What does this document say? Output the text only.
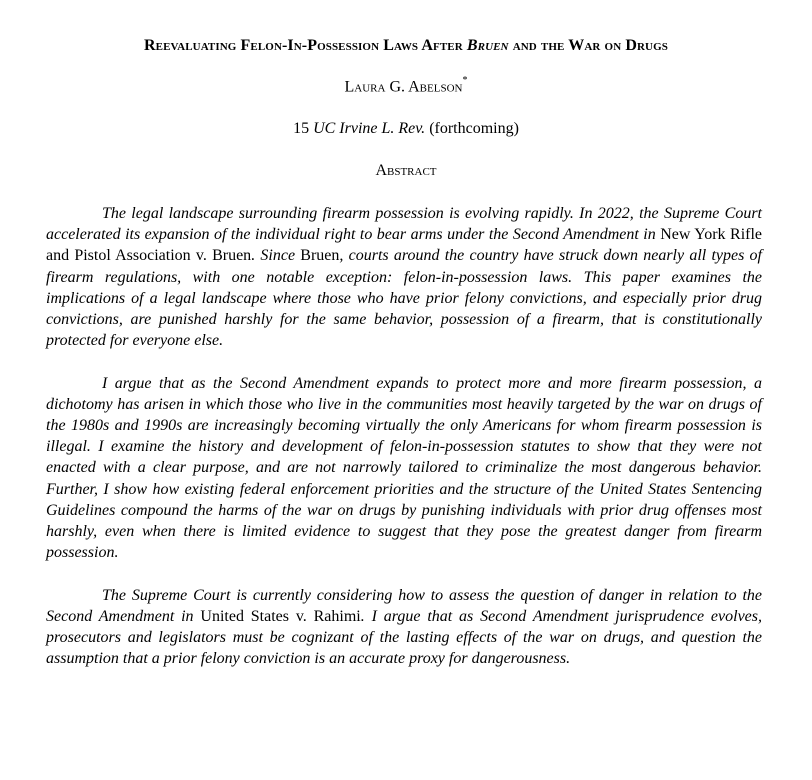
Reevaluating Felon-In-Possession Laws After Bruen and the War on Drugs
Laura G. Abelson*
15 UC Irvine L. Rev. (forthcoming)
Abstract

The legal landscape surrounding firearm possession is evolving rapidly. In 2022, the Supreme Court accelerated its expansion of the individual right to bear arms under the Second Amendment in New York Rifle and Pistol Association v. Bruen. Since Bruen, courts around the country have struck down nearly all types of firearm regulations, with one notable exception: felon-in-possession laws. This paper examines the implications of a legal landscape where those who have prior felony convictions, and especially prior drug convictions, are punished harshly for the same behavior, possession of a firearm, that is constitutionally protected for everyone else.

I argue that as the Second Amendment expands to protect more and more firearm possession, a dichotomy has arisen in which those who live in the communities most heavily targeted by the war on drugs of the 1980s and 1990s are increasingly becoming virtually the only Americans for whom firearm possession is illegal. I examine the history and development of felon-in-possession statutes to show that they were not enacted with a clear purpose, and are not narrowly tailored to criminalize the most dangerous behavior. Further, I show how existing federal enforcement priorities and the structure of the United States Sentencing Guidelines compound the harms of the war on drugs by punishing individuals with prior drug offenses most harshly, even when there is limited evidence to suggest that they pose the greatest danger from firearm possession.

The Supreme Court is currently considering how to assess the question of danger in relation to the Second Amendment in United States v. Rahimi. I argue that as Second Amendment jurisprudence evolves, prosecutors and legislators must be cognizant of the lasting effects of the war on drugs, and question the assumption that a prior felony conviction is an accurate proxy for dangerousness.
